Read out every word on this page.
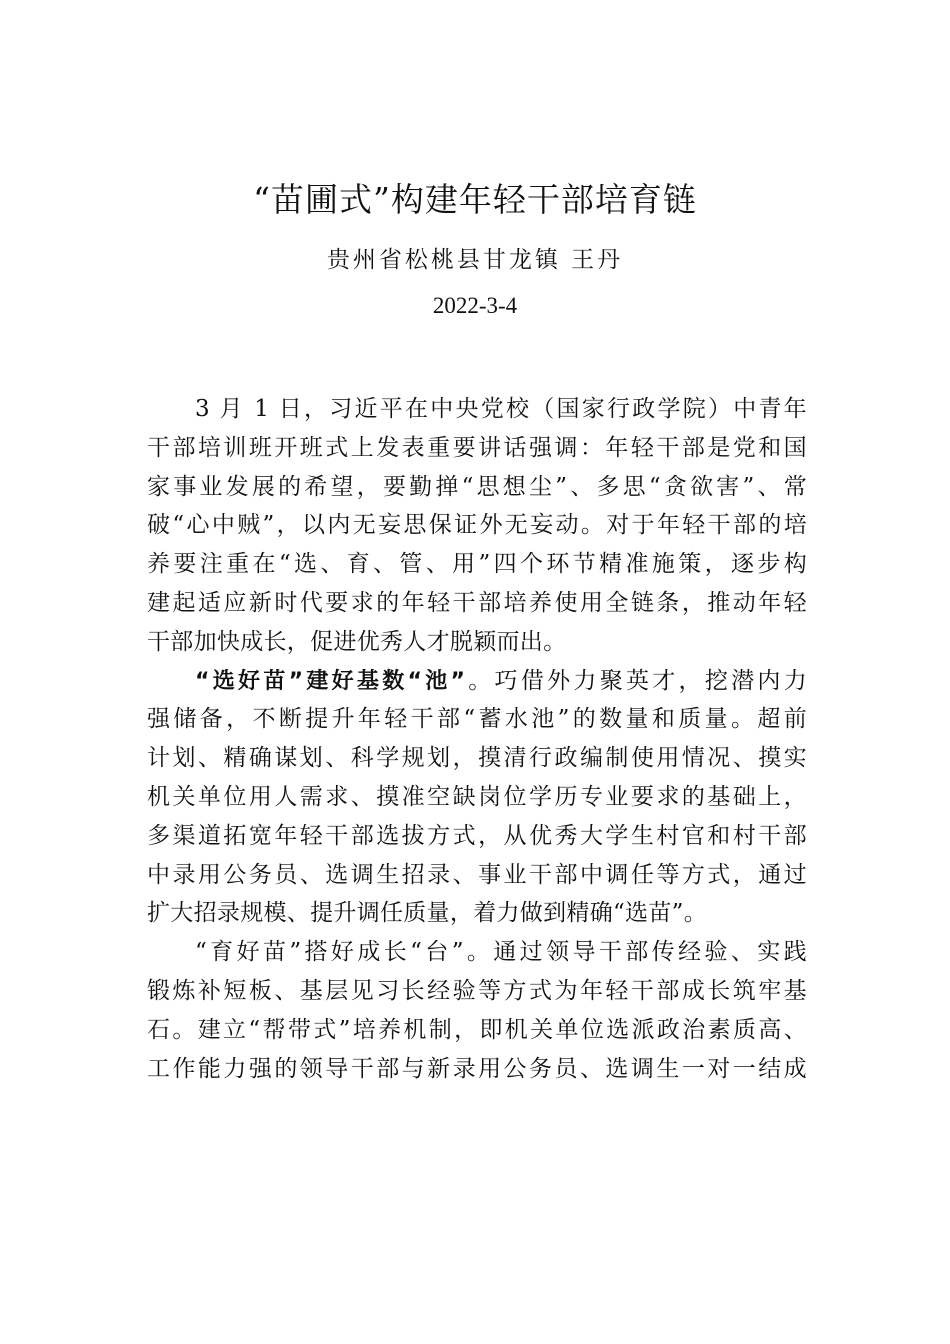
“苗圃式”构建年轻干部培育链
贵州省松桃县甘龙镇 王丹
2022-3-4
3 月 1 日，习近平在中央党校（国家行政学院）中青年
干部培训班开班式上发表重要讲话强调：年轻干部是党和国
家事业发展的希望，要勤掸“思想尘”、多思“贪欲害”、常
破“心中贼”，以内无妄思保证外无妄动。对于年轻干部的培
养要注重在“选、育、管、用”四个环节精准施策，逐步构
建起适应新时代要求的年轻干部培养使用全链条，推动年轻
干部加快成长，促进优秀人才脱颖而出。
“选好苗”建好基数“池”。巧借外力聚英才，挖潜内力
强储备，不断提升年轻干部“蓄水池”的数量和质量。超前
计划、精确谋划、科学规划，摸清行政编制使用情况、摸实
机关单位用人需求、摸准空缺岗位学历专业要求的基础上，
多渠道拓宽年轻干部选拔方式，从优秀大学生村官和村干部
中录用公务员、选调生招录、事业干部中调任等方式，通过
扩大招录规模、提升调任质量，着力做到精确“选苗”。
“育好苗”搭好成长“台”。通过领导干部传经验、实践
锻炼补短板、基层见习长经验等方式为年轻干部成长筑牢基
石。建立“帮带式”培养机制，即机关单位选派政治素质高、
工作能力强的领导干部与新录用公务员、选调生一对一结成
